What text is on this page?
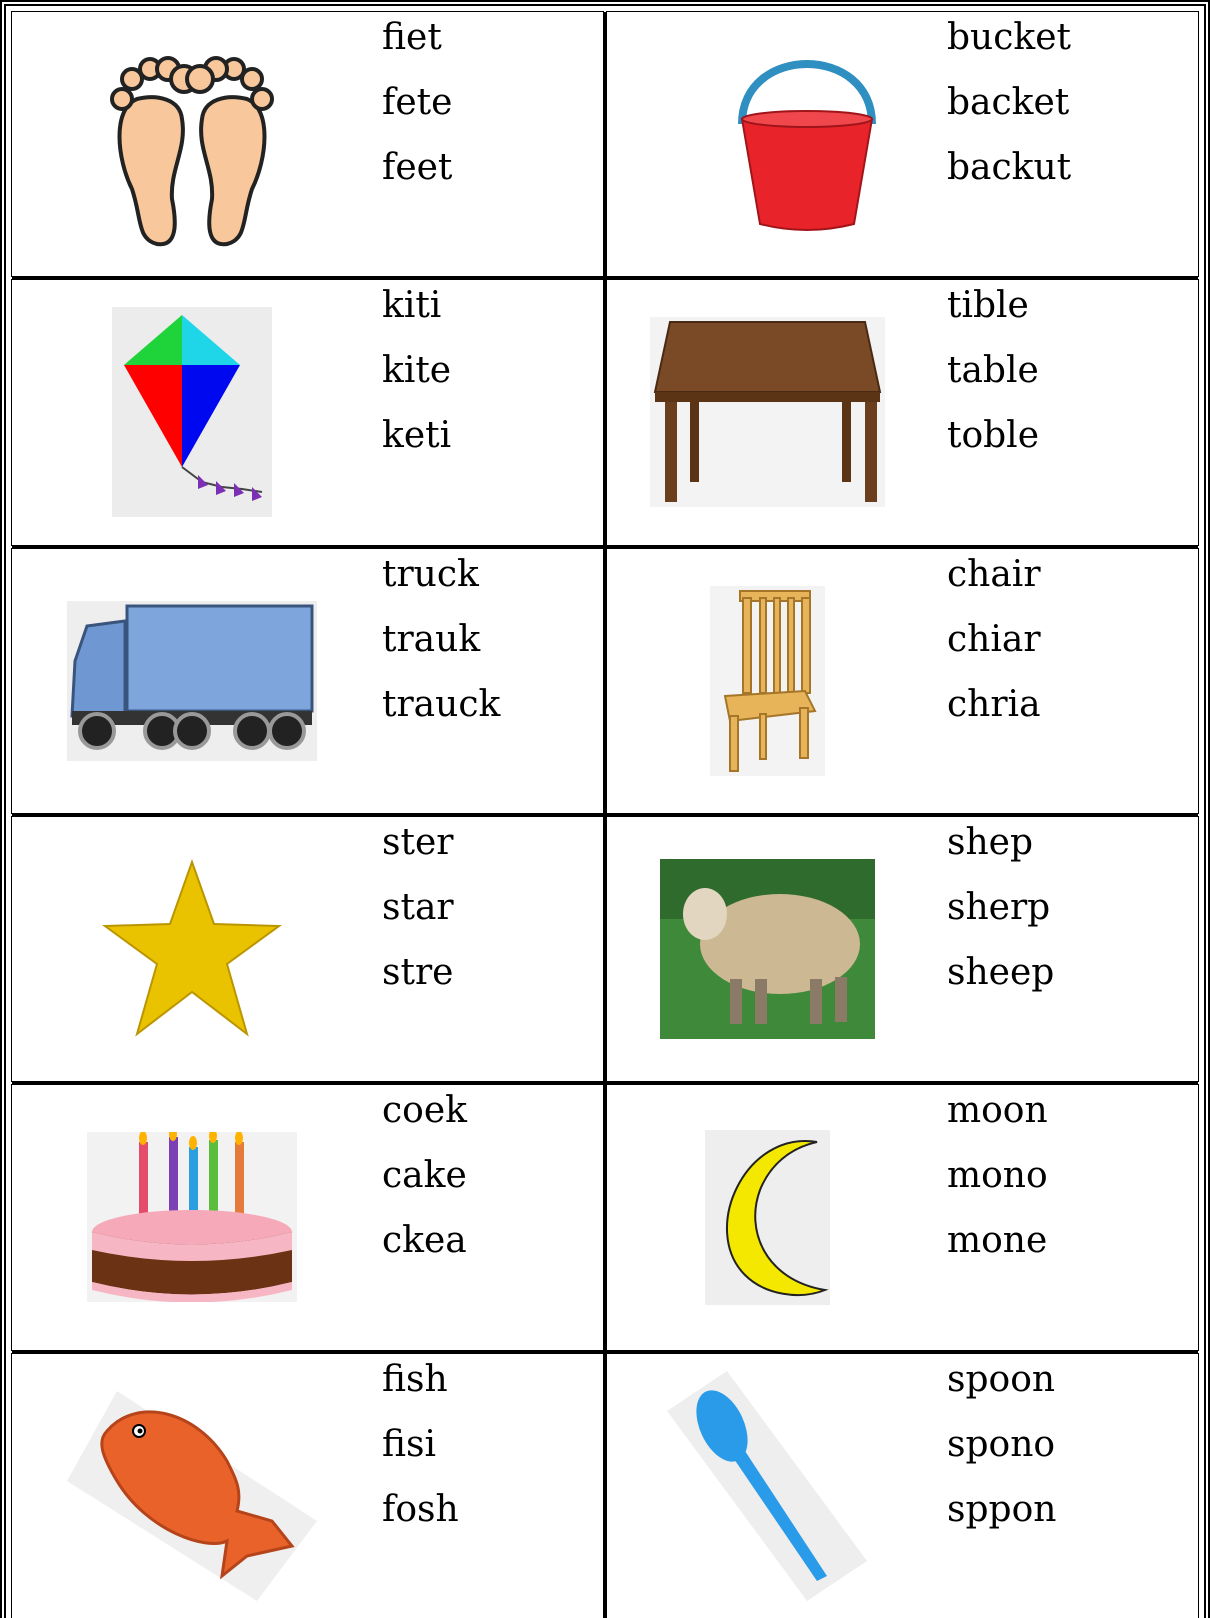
fiet
fete
feet
bucket
backet
backut
kiti
kite
keti
tible
table
toble
truck
trauk
trauck
chair
chiar
chria
ster
star
stre
shep
sherp
sheep
coek
cake
ckea
moon
mono
mone
fish
fisi
fosh
spoon
spono
sppon
